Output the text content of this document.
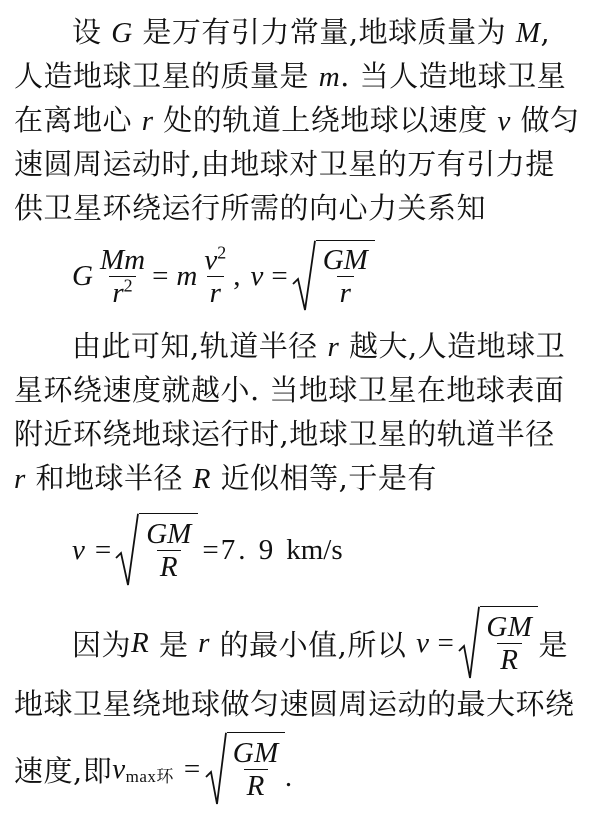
设 G 是万有引力常量,地球质量为 M,
人造地球卫星的质量是 m. 当人造地球卫星
在离地心 r 处的轨道上绕地球以速度 v 做匀
速圆周运动时,由地球对卫星的万有引力提
供卫星环绕运行所需的向心力关系知
G $\frac{Mm}{r^2} = m \frac{v^2}{r}$ , $v = \frac{GM}{r}$
由此可知,轨道半径 r 越大,人造地球卫
星环绕速度就越小. 当地球卫星在地球表面
附近环绕地球运行时,地球卫星的轨道半径
r 和地球半径 R 近似相等,于是有
$v = \frac{GM}{R} = 7$. 9 km/s
因为 R 是 r 的最小值,所以 $v = \frac{GM}{R}$ 是
地球卫星绕地球做匀速圆周运动的最大环绕
速度,即 $v_{max环} = \frac{GM}{R}$ .
